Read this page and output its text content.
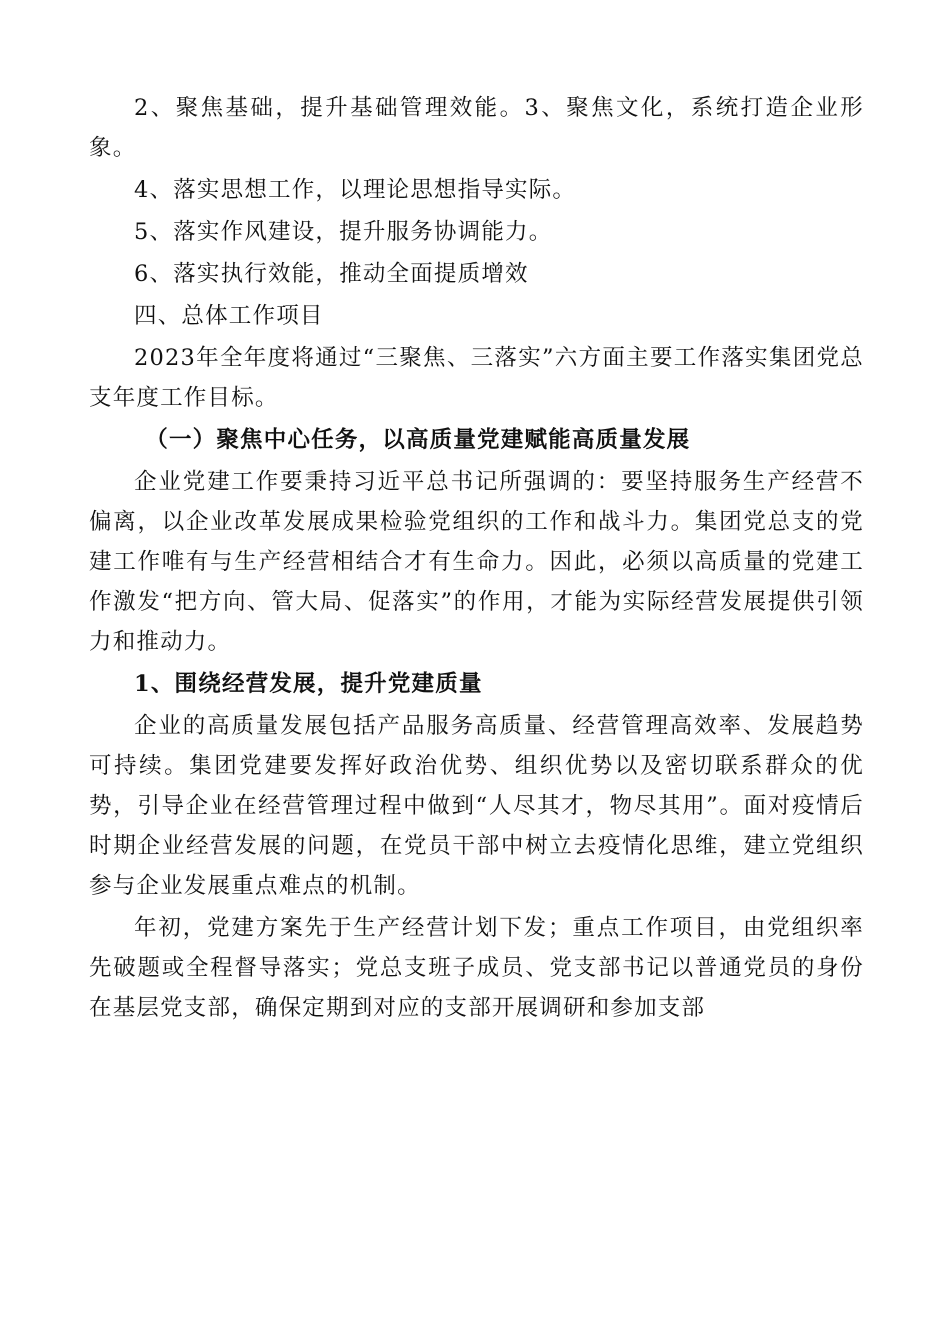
2、聚焦基础，提升基础管理效能。3、聚焦文化，系统打造企业形象。

4、落实思想工作，以理论思想指导实际。

5、落实作风建设，提升服务协调能力。

6、落实执行效能，推动全面提质增效

四、总体工作项目

2023年全年度将通过“三聚焦、三落实”六方面主要工作落实集团党总支年度工作目标。

（一）聚焦中心任务，以高质量党建赋能高质量发展

企业党建工作要秉持习近平总书记所强调的：要坚持服务生产经营不偏离，以企业改革发展成果检验党组织的工作和战斗力。集团党总支的党建工作唯有与生产经营相结合才有生命力。因此，必须以高质量的党建工作激发“把方向、管大局、促落实”的作用，才能为实际经营发展提供引领力和推动力。

1、围绕经营发展，提升党建质量

企业的高质量发展包括产品服务高质量、经营管理高效率、发展趋势可持续。集团党建要发挥好政治优势、组织优势以及密切联系群众的优势，引导企业在经营管理过程中做到“人尽其才，物尽其用”。面对疫情后时期企业经营发展的问题，在党员干部中树立去疫情化思维，建立党组织参与企业发展重点难点的机制。

年初，党建方案先于生产经营计划下发；重点工作项目，由党组织率先破题或全程督导落实；党总支班子成员、党支部书记以普通党员的身份在基层党支部，确保定期到对应的支部开展调研和参加支部
